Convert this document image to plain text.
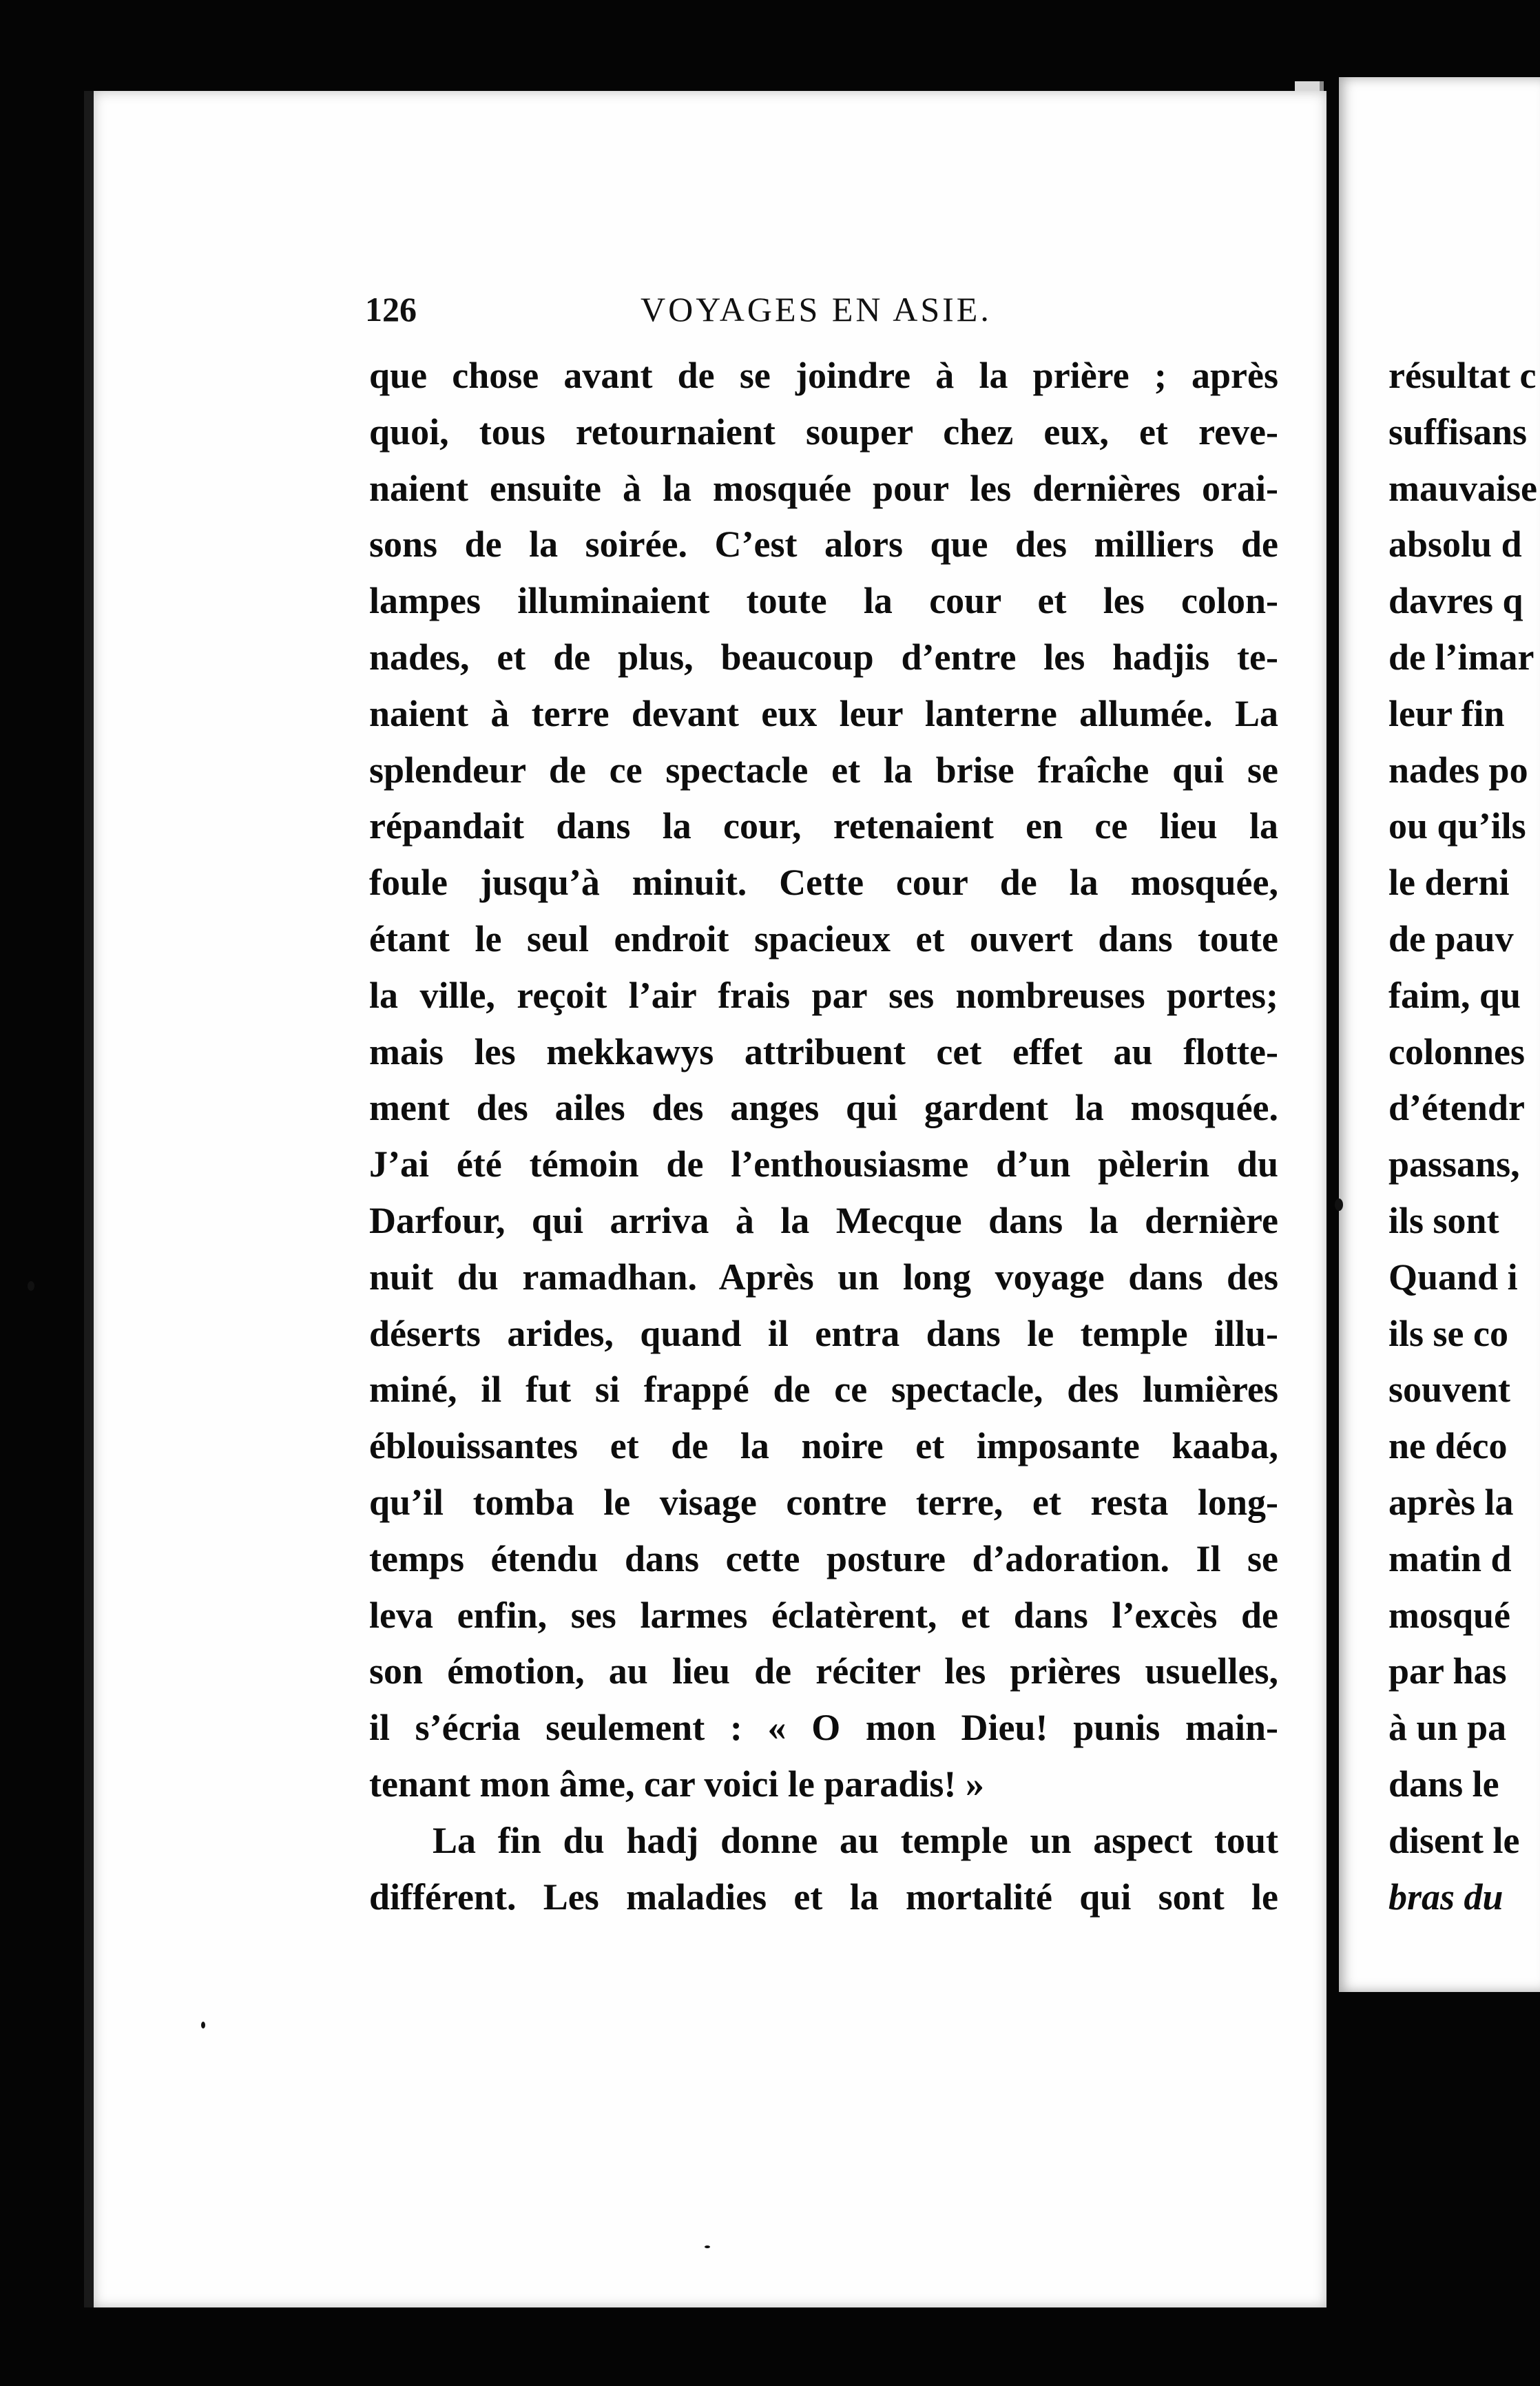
126	VOYAGES EN ASIE.
que chose avant de se joindre à la prière ; après
quoi, tous retournaient souper chez eux, et reve-
naient ensuite à la mosquée pour les dernières orai-
sons de la soirée. C’est alors que des milliers de
lampes illuminaient toute la cour et les colon-
nades, et de plus, beaucoup d’entre les hadjis te-
naient à terre devant eux leur lanterne allumée. La
splendeur de ce spectacle et la brise fraîche qui se
répandait dans la cour, retenaient en ce lieu la
foule jusqu’à minuit. Cette cour de la mosquée,
étant le seul endroit spacieux et ouvert dans toute
la ville, reçoit l’air frais par ses nombreuses portes;
mais les mekkawys attribuent cet effet au flotte-
ment des ailes des anges qui gardent la mosquée.
J’ai été témoin de l’enthousiasme d’un pèlerin du
Darfour, qui arriva à la Mecque dans la dernière
nuit du ramadhan. Après un long voyage dans des
déserts arides, quand il entra dans le temple illu-
miné, il fut si frappé de ce spectacle, des lumières
éblouissantes et de la noire et imposante kaaba,
qu’il tomba le visage contre terre, et resta long-
temps étendu dans cette posture d’adoration. Il se
leva enfin, ses larmes éclatèrent, et dans l’excès de
son émotion, au lieu de réciter les prières usuelles,
il s’écria seulement : « O mon Dieu! punis main-
tenant mon âme, car voici le paradis! »
La fin du hadj donne au temple un aspect tout
différent. Les maladies et la mortalité qui sont le
résultat c
suffisans
mauvaise
absolu d
davres q
de l’imar
leur fin
nades po
ou qu’ils
le derni
de pauv
faim, qu
colonnes
d’étendr
passans,
ils sont
Quand i
ils se co
souvent
ne déco
après la
matin d
mosqué
par has
à un pa
dans le
disent le
bras du
